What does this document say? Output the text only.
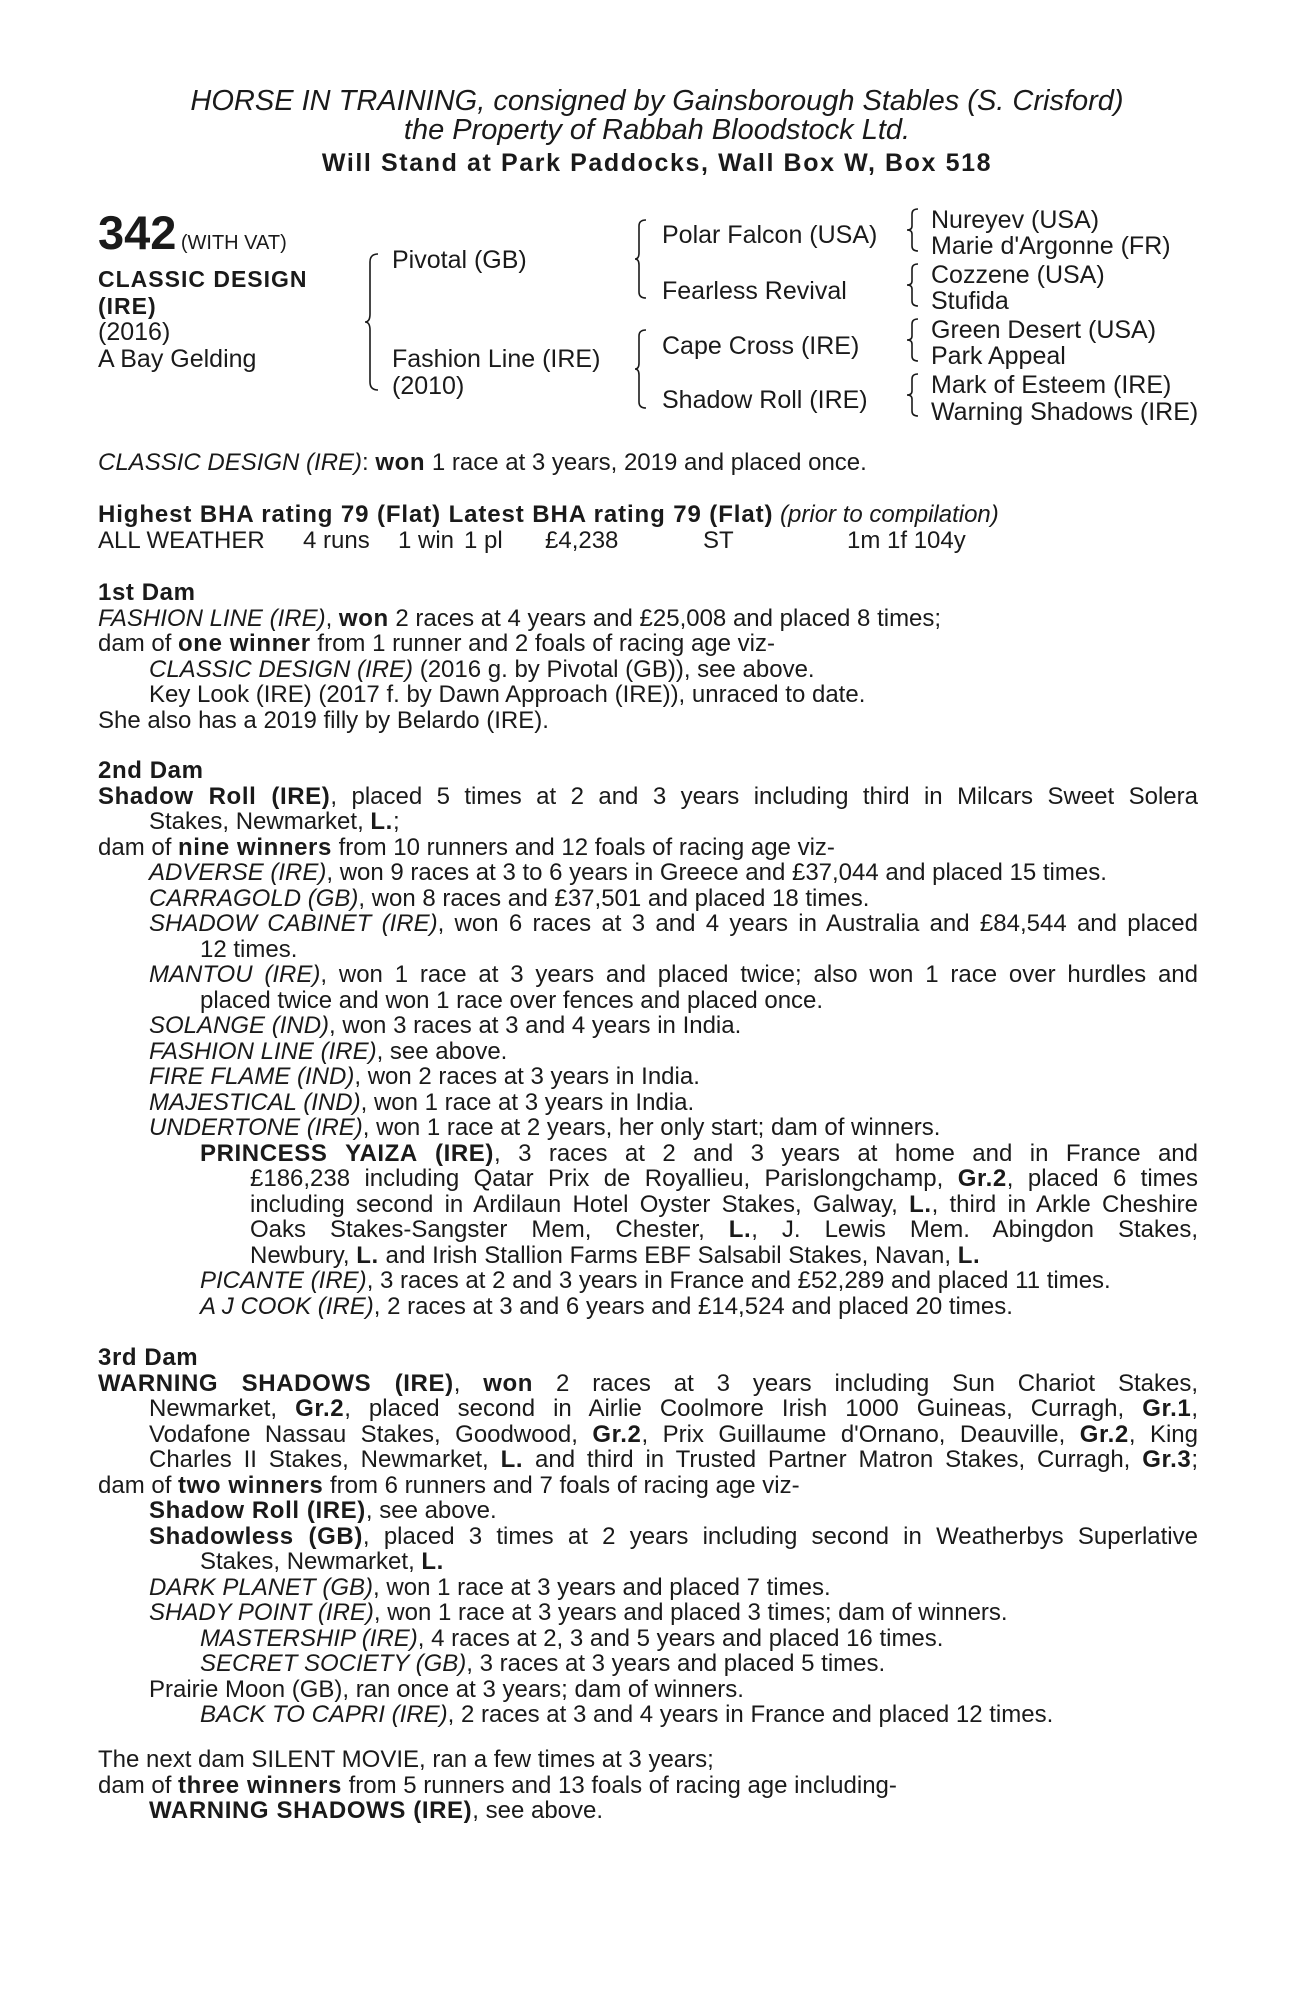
HORSE IN TRAINING, consigned by Gainsborough Stables (S. Crisford)
the Property of Rabbah Bloodstock Ltd.
Will Stand at Park Paddocks, Wall Box W, Box 518
342 (WITH VAT)
CLASSIC DESIGN
(IRE)
(2016)
A Bay Gelding
Pivotal (GB)
Fashion Line (IRE)
(2010)
Polar Falcon (USA)
Fearless Revival
Cape Cross (IRE)
Shadow Roll (IRE)
Nureyev (USA)
Marie d'Argonne (FR)
Cozzene (USA)
Stufida
Green Desert (USA)
Park Appeal
Mark of Esteem (IRE)
Warning Shadows (IRE)
CLASSIC DESIGN (IRE): won 1 race at 3 years, 2019 and placed once.
Highest BHA rating 79 (Flat) Latest BHA rating 79 (Flat) (prior to compilation)
ALL WEATHER 4 runs 1 win 1 pl £4,238	ST	1m 1f 104y
1st Dam
FASHION LINE (IRE), won 2 races at 4 years and £25,008 and placed 8 times;
dam of one winner from 1 runner and 2 foals of racing age viz-
CLASSIC DESIGN (IRE) (2016 g. by Pivotal (GB)), see above.
Key Look (IRE) (2017 f. by Dawn Approach (IRE)), unraced to date.
She also has a 2019 filly by Belardo (IRE).
2nd Dam
Shadow Roll (IRE), placed 5 times at 2 and 3 years including third in Milcars Sweet Solera
Stakes, Newmarket, L.;
dam of nine winners from 10 runners and 12 foals of racing age viz-
ADVERSE (IRE), won 9 races at 3 to 6 years in Greece and £37,044 and placed 15 times.
CARRAGOLD (GB), won 8 races and £37,501 and placed 18 times.
SHADOW CABINET (IRE), won 6 races at 3 and 4 years in Australia and £84,544 and placed
12 times.
MANTOU (IRE), won 1 race at 3 years and placed twice; also won 1 race over hurdles and
placed twice and won 1 race over fences and placed once.
SOLANGE (IND), won 3 races at 3 and 4 years in India.
FASHION LINE (IRE), see above.
FIRE FLAME (IND), won 2 races at 3 years in India.
MAJESTICAL (IND), won 1 race at 3 years in India.
UNDERTONE (IRE), won 1 race at 2 years, her only start; dam of winners.
PRINCESS YAIZA (IRE), 3 races at 2 and 3 years at home and in France and
£186,238 including Qatar Prix de Royallieu, Parislongchamp, Gr.2, placed 6 times
including second in Ardilaun Hotel Oyster Stakes, Galway, L., third in Arkle Cheshire
Oaks Stakes-Sangster Mem, Chester, L., J. Lewis Mem. Abingdon Stakes,
Newbury, L. and Irish Stallion Farms EBF Salsabil Stakes, Navan, L.
PICANTE (IRE), 3 races at 2 and 3 years in France and £52,289 and placed 11 times.
A J COOK (IRE), 2 races at 3 and 6 years and £14,524 and placed 20 times.
3rd Dam
WARNING SHADOWS (IRE), won 2 races at 3 years including Sun Chariot Stakes,
Newmarket, Gr.2, placed second in Airlie Coolmore Irish 1000 Guineas, Curragh, Gr.1,
Vodafone Nassau Stakes, Goodwood, Gr.2, Prix Guillaume d'Ornano, Deauville, Gr.2, King
Charles II Stakes, Newmarket, L. and third in Trusted Partner Matron Stakes, Curragh, Gr.3;
dam of two winners from 6 runners and 7 foals of racing age viz-
Shadow Roll (IRE), see above.
Shadowless (GB), placed 3 times at 2 years including second in Weatherbys Superlative
Stakes, Newmarket, L.
DARK PLANET (GB), won 1 race at 3 years and placed 7 times.
SHADY POINT (IRE), won 1 race at 3 years and placed 3 times; dam of winners.
MASTERSHIP (IRE), 4 races at 2, 3 and 5 years and placed 16 times.
SECRET SOCIETY (GB), 3 races at 3 years and placed 5 times.
Prairie Moon (GB), ran once at 3 years; dam of winners.
BACK TO CAPRI (IRE), 2 races at 3 and 4 years in France and placed 12 times.
The next dam SILENT MOVIE, ran a few times at 3 years;
dam of three winners from 5 runners and 13 foals of racing age including-
WARNING SHADOWS (IRE), see above.
